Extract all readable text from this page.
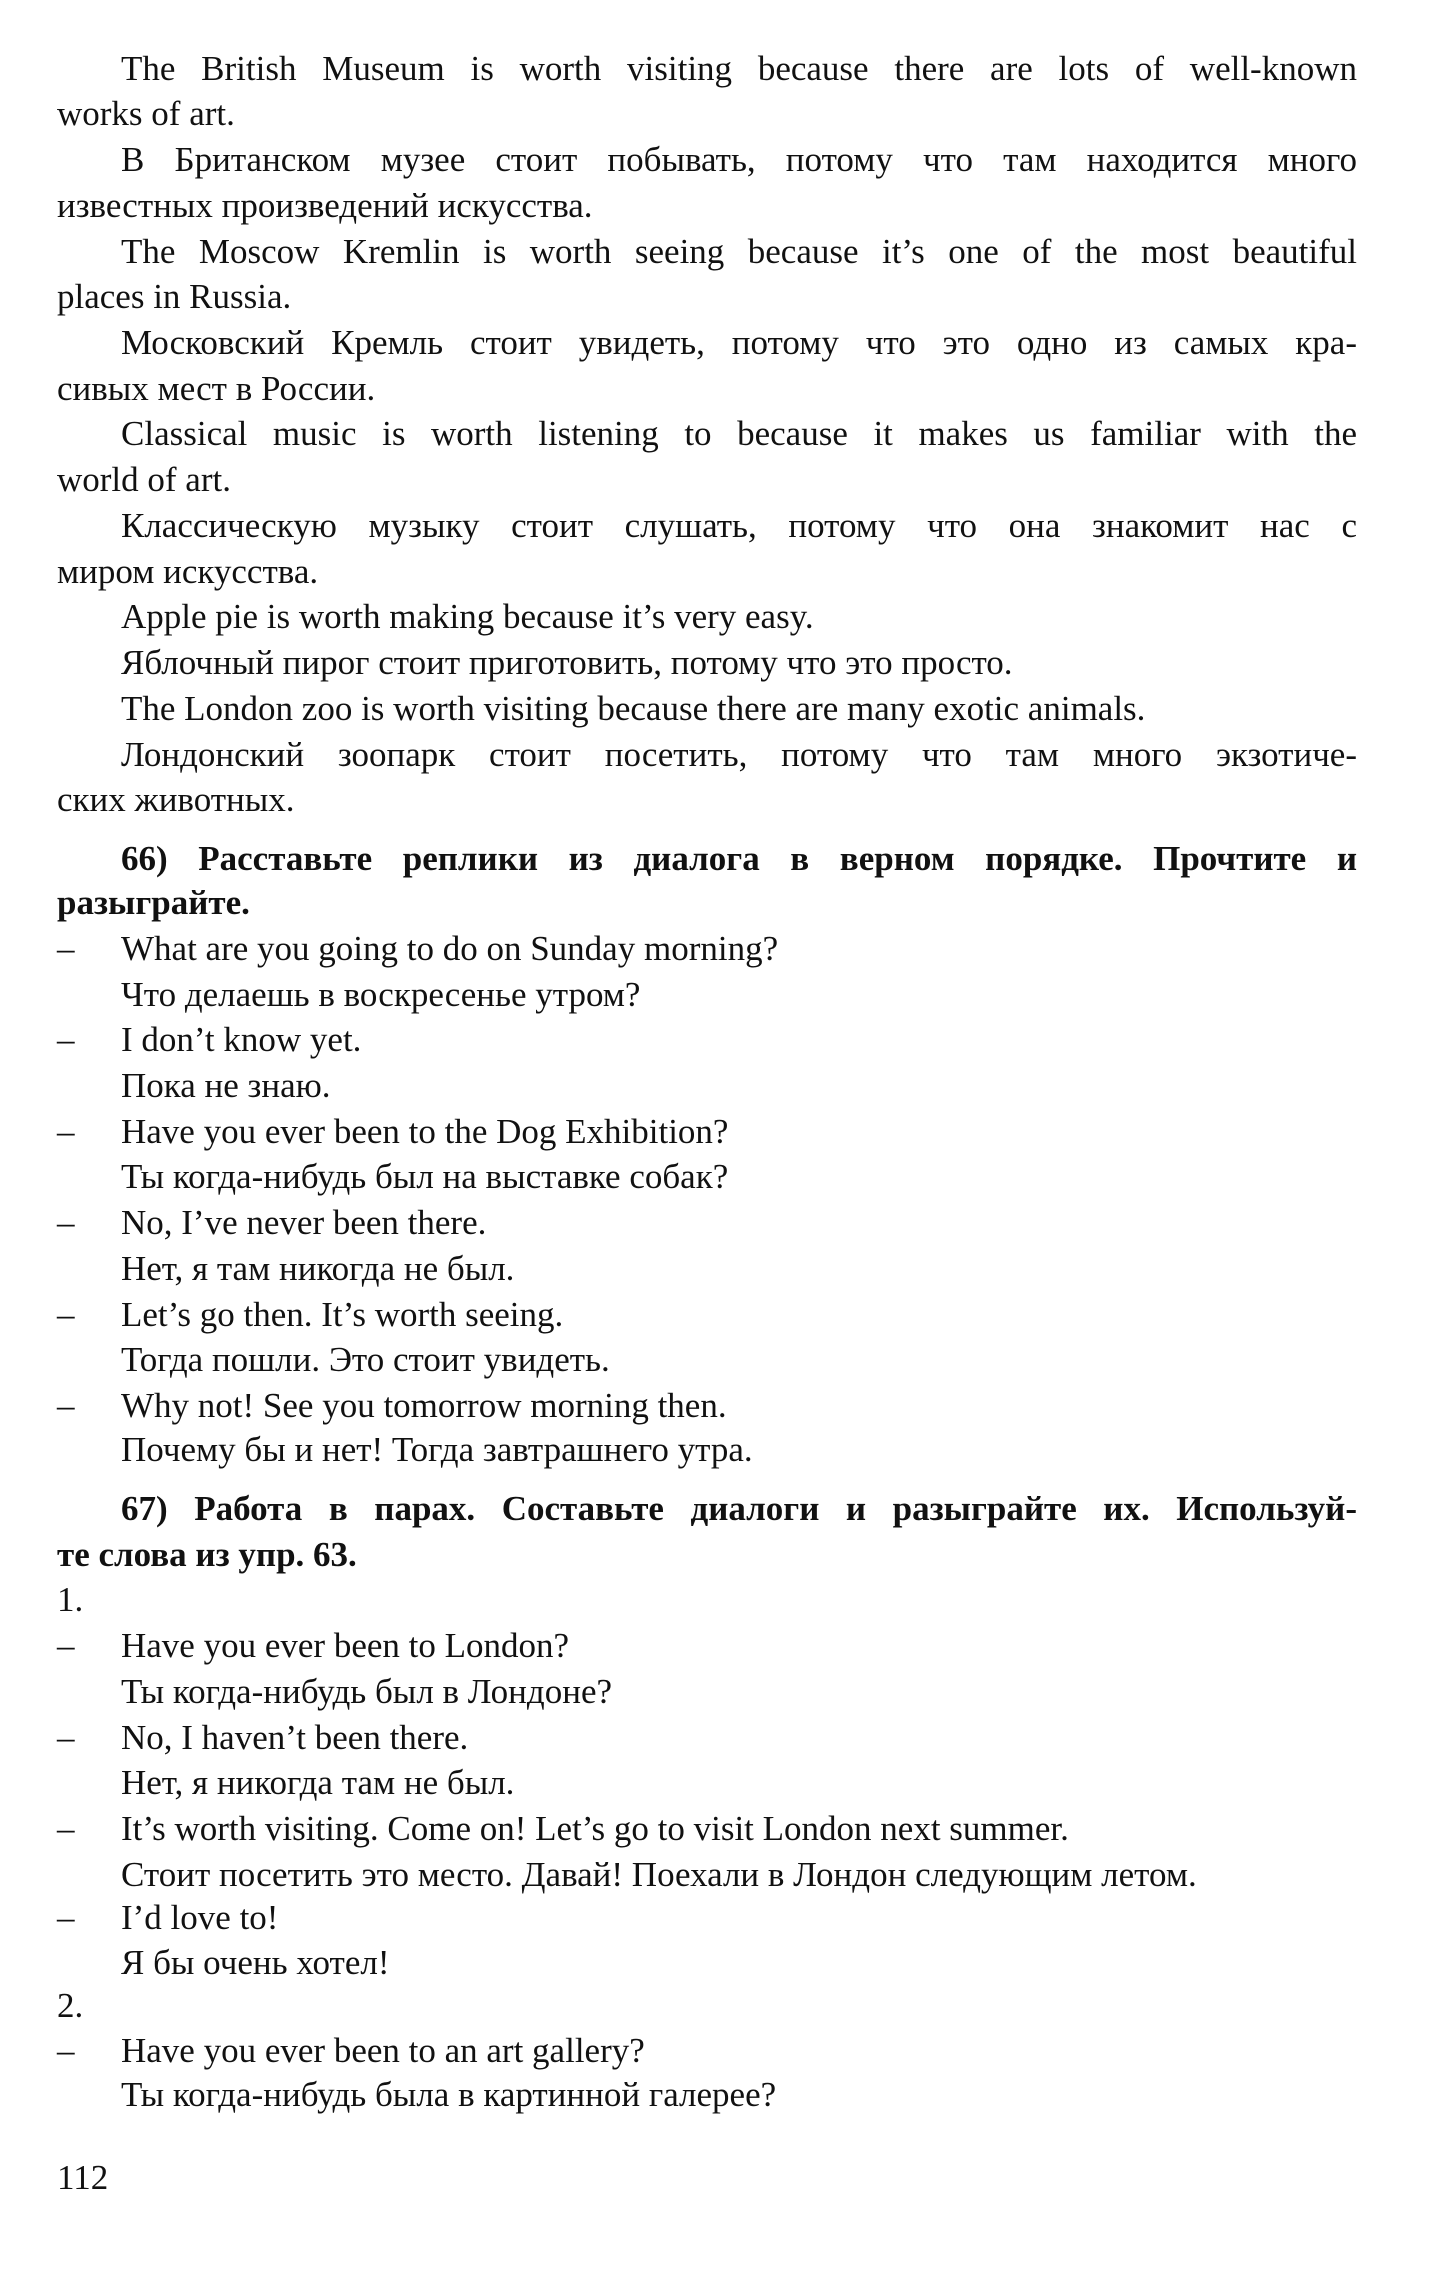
The British Museum is worth visiting because there are lots of well-known
works of art.
В Британском музее стоит побывать, потому что там находится много
известных произведений искусства.
The Moscow Kremlin is worth seeing because it’s one of the most beautiful
places in Russia.
Московский Кремль стоит увидеть, потому что это одно из самых кра-
сивых мест в России.
Classical music is worth listening to because it makes us familiar with the
world of art.
Классическую музыку стоит слушать, потому что она знакомит нас с
миром искусства.
Apple pie is worth making because it’s very easy.
Яблочный пирог стоит приготовить, потому что это просто.
The London zoo is worth visiting because there are many exotic animals.
Лондонский зоопарк стоит посетить, потому что там много экзотиче-
ских животных.
66) Расставьте реплики из диалога в верном порядке. Прочтите и
разыграйте.
What are you going to do on Sunday morning?
–
Что делаешь в воскресенье утром?
I don’t know yet.
–
Пока не знаю.
Have you ever been to the Dog Exhibition?
–
Ты когда-нибудь был на выставке собак?
No, I’ve never been there.
–
Нет, я там никогда не был.
Let’s go then. It’s worth seeing.
–
Тогда пошли. Это стоит увидеть.
Why not! See you tomorrow morning then.
–
Почему бы и нет! Тогда завтрашнего утра.
67) Работа в парах. Составьте диалоги и разыграйте их. Используй-
те слова из упр. 63.
1.
Have you ever been to London?
–
Ты когда-нибудь был в Лондоне?
No, I haven’t been there.
–
Нет, я никогда там не был.
It’s worth visiting. Come on! Let’s go to visit London next summer.
–
Стоит посетить это место. Давай! Поехали в Лондон следующим летом.
I’d love to!
–
Я бы очень хотел!
2.
Have you ever been to an art gallery?
–
Ты когда-нибудь была в картинной галерее?
112
